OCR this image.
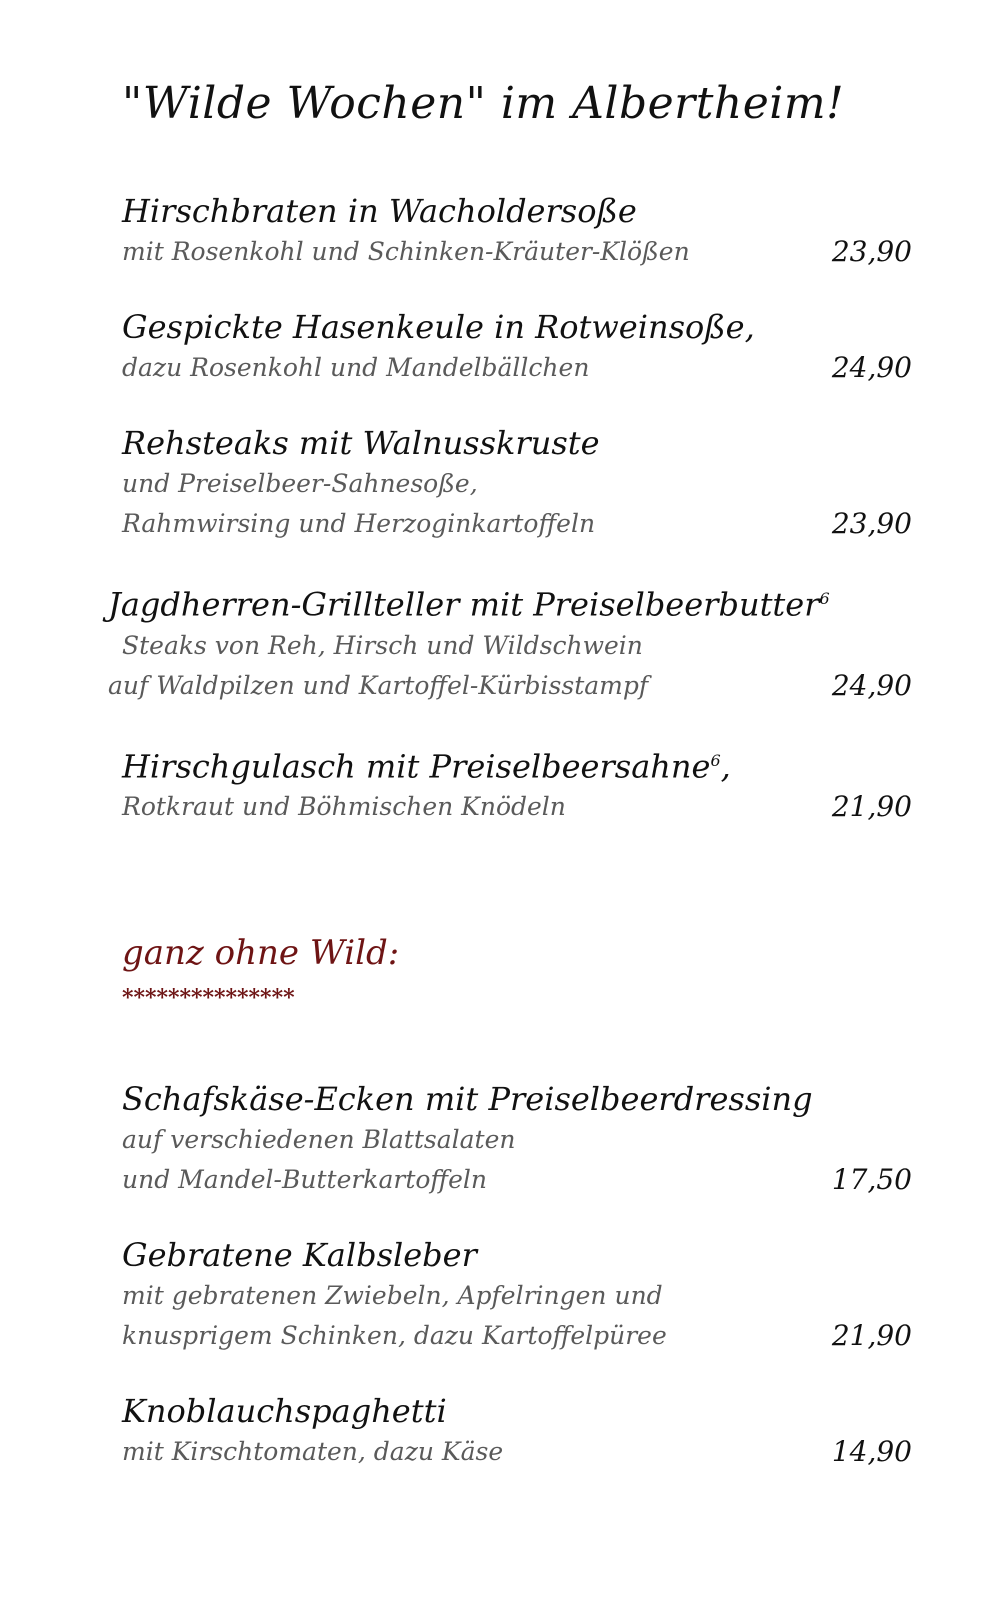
"Wilde Wochen" im Albertheim!
Hirschbraten in Wacholdersoße
mit Rosenkohl und Schinken-Kräuter-Klößen	23,90
Gespickte Hasenkeule in Rotweinsoße,
dazu Rosenkohl und Mandelbällchen	24,90
Rehsteaks mit Walnusskruste
und Preiselbeer-Sahnesoße,
Rahmwirsing und Herzoginkartoffeln	23,90
Jagdherren-Grillteller mit Preiselbeerbutter$^6$
Steaks von Reh, Hirsch und Wildschwein
auf Waldpilzen und Kartoffel-Kürbisstampf	24,90
Hirschgulasch mit Preiselbeersahne$^6$,
Rotkraut und Böhmischen Knödeln	21,90
ganz ohne Wild:
***************
Schafskäse-Ecken mit Preiselbeerdressing
auf verschiedenen Blattsalaten
und Mandel-Butterkartoffeln	17,50
Gebratene Kalbsleber
mit gebratenen Zwiebeln, Apfelringen und
knusprigem Schinken, dazu Kartoffelpüree	21,90
Knoblauchspaghetti
mit Kirschtomaten, dazu Käse	14,90
